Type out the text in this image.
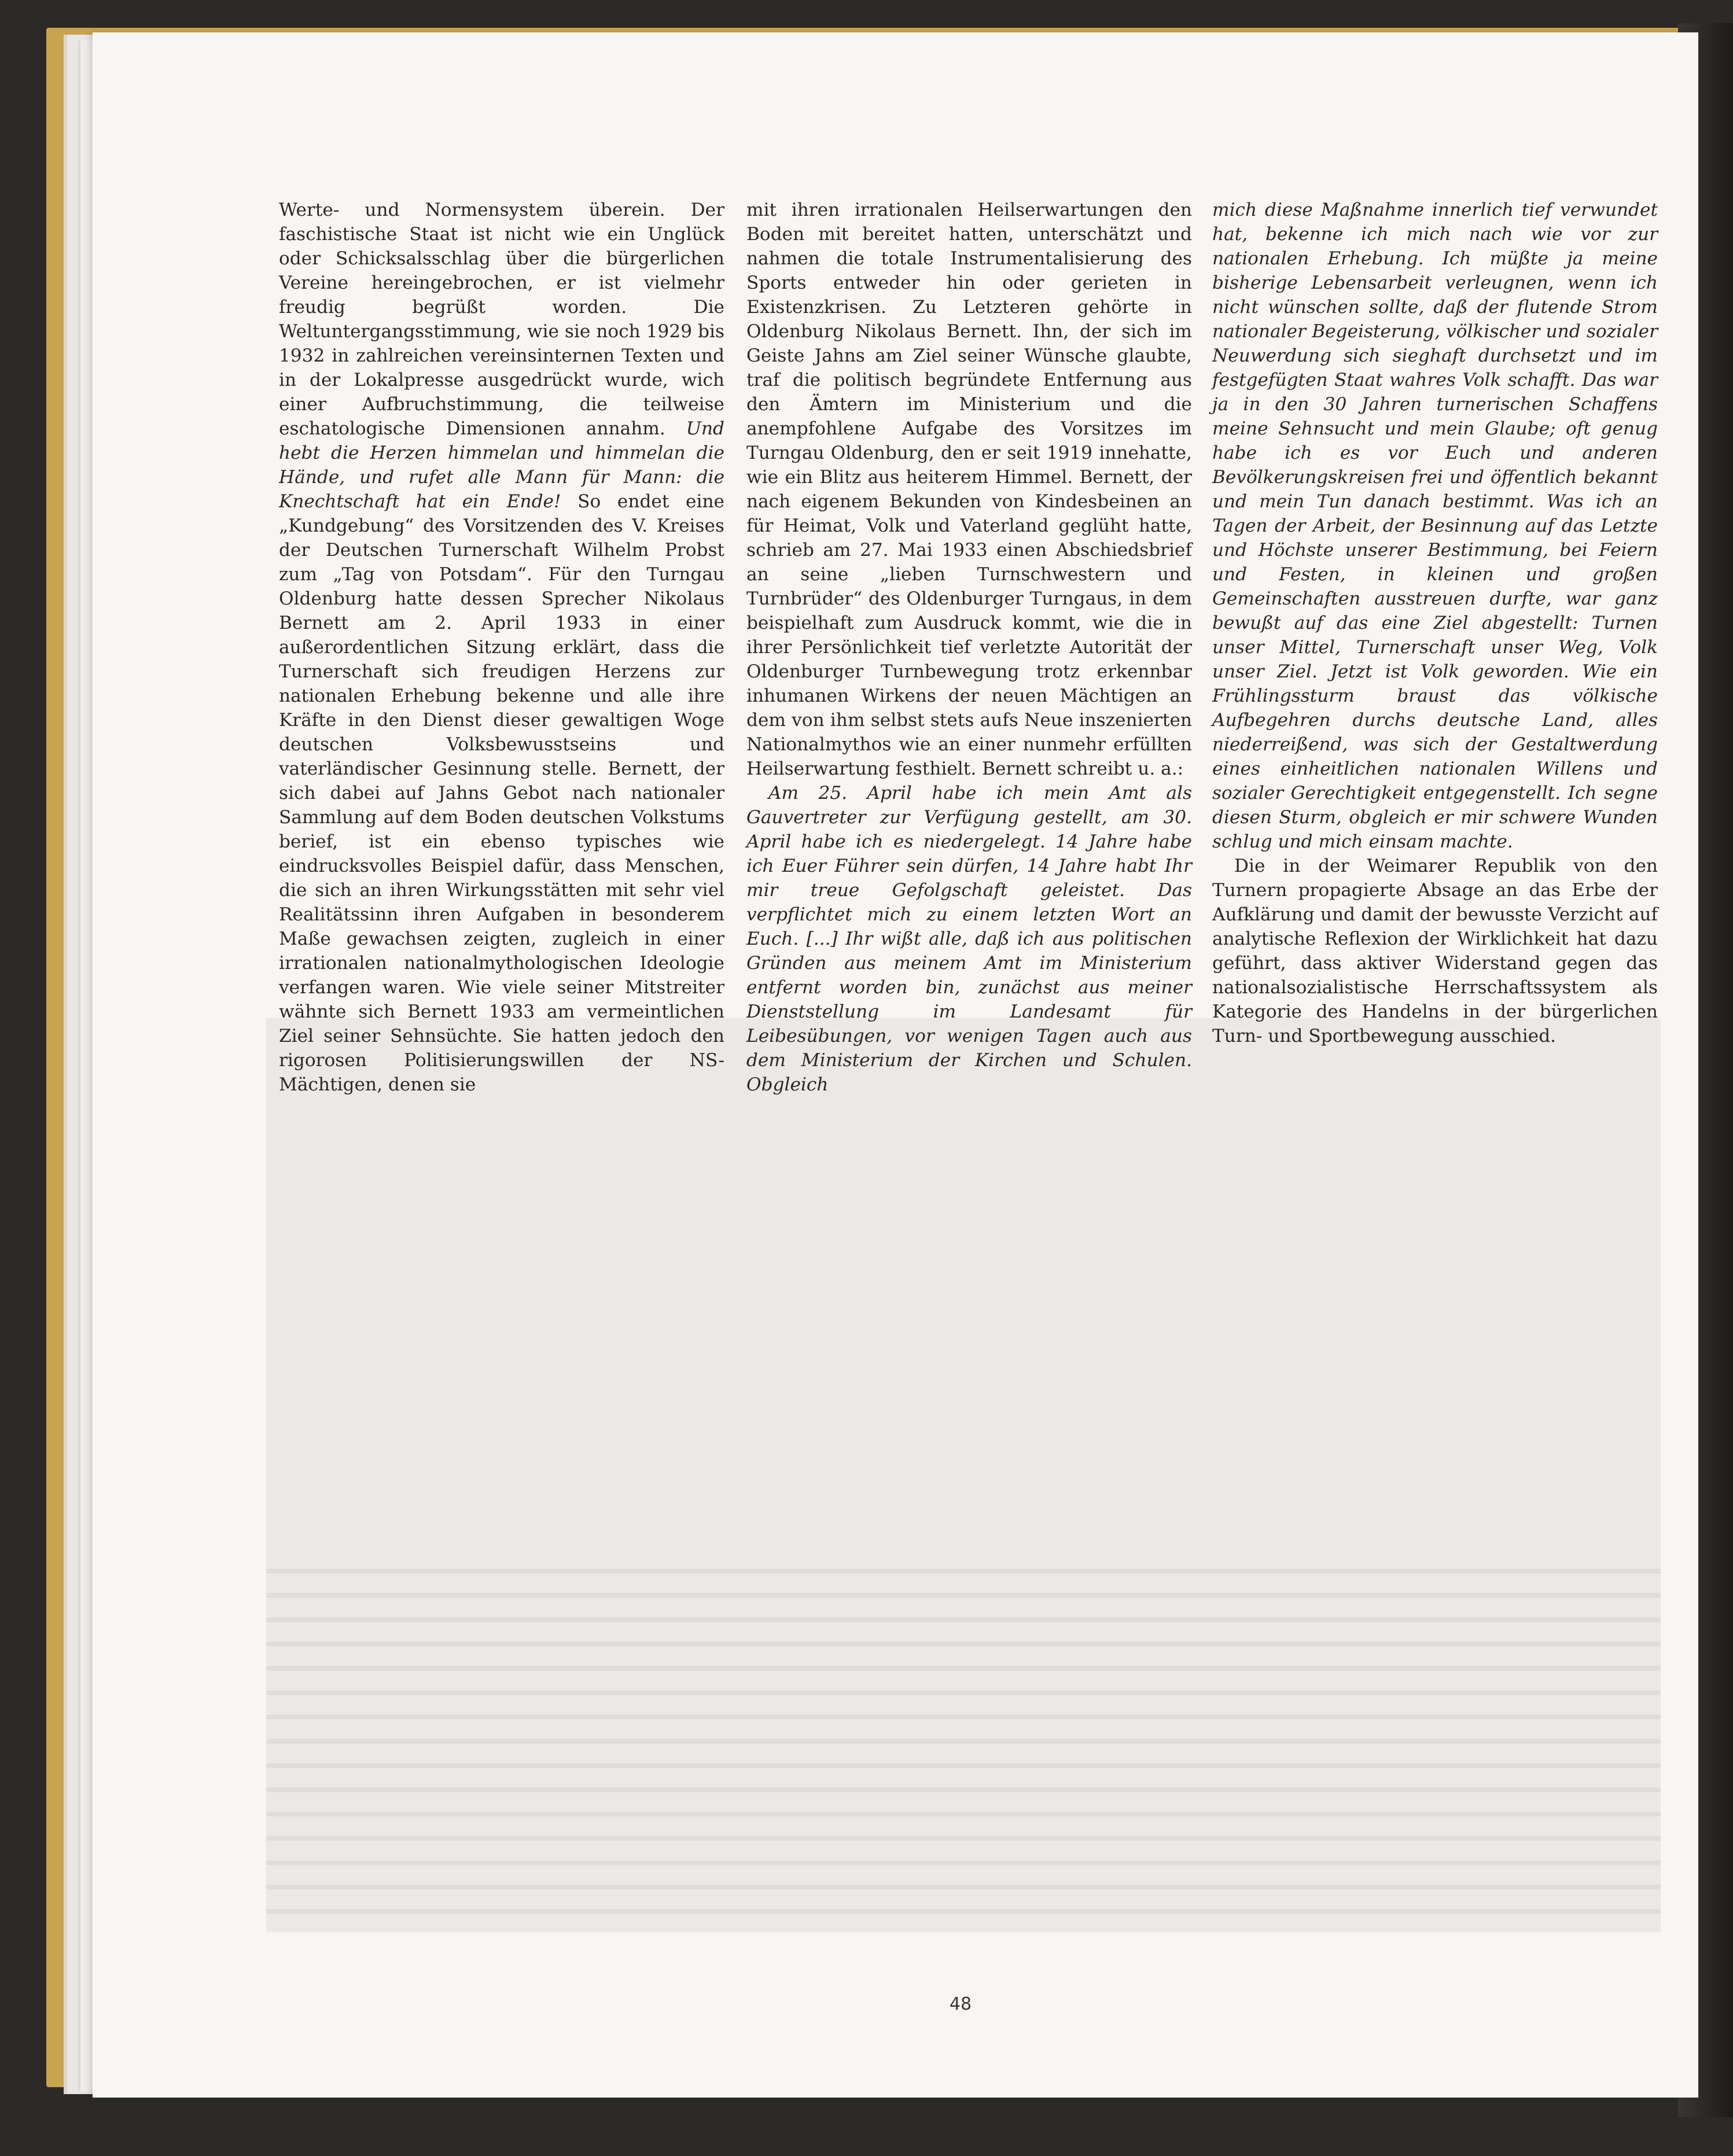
Werte- und Normensystem überein. Der faschistische Staat ist nicht wie ein Unglück oder Schicksalsschlag über die bürgerlichen Vereine hereingebrochen, er ist vielmehr freudig begrüßt worden. Die Weltuntergangsstimmung, wie sie noch 1929 bis 1932 in zahlreichen vereinsinternen Texten und in der Lokalpresse ausgedrückt wurde, wich einer Aufbruchstimmung, die teilweise eschatologische Dimensionen annahm. Und hebt die Herzen himmelan und himmelan die Hände, und rufet alle Mann für Mann: die Knechtschaft hat ein Ende! So endet eine „Kundgebung“ des Vorsitzenden des V. Kreises der Deutschen Turnerschaft Wilhelm Probst zum „Tag von Potsdam“. Für den Turngau Oldenburg hatte dessen Sprecher Nikolaus Bernett am 2. April 1933 in einer außerordentlichen Sitzung erklärt, dass die Turnerschaft sich freudigen Herzens zur nationalen Erhebung bekenne und alle ihre Kräfte in den Dienst dieser gewaltigen Woge deutschen Volksbewusstseins und vaterländischer Gesinnung stelle. Bernett, der sich dabei auf Jahns Gebot nach nationaler Sammlung auf dem Boden deutschen Volkstums berief, ist ein ebenso typisches wie eindrucksvolles Beispiel dafür, dass Menschen, die sich an ihren Wirkungsstätten mit sehr viel Realitätssinn ihren Aufgaben in besonderem Maße gewachsen zeigten, zugleich in einer irrationalen nationalmythologischen Ideologie verfangen waren. Wie viele seiner Mitstreiter wähnte sich Bernett 1933 am vermeintlichen Ziel seiner Sehnsüchte. Sie hatten jedoch den rigorosen Politisierungswillen der NS-Mächtigen, denen sie

mit ihren irrationalen Heilserwartungen den Boden mit bereitet hatten, unterschätzt und nahmen die totale Instrumentalisierung des Sports entweder hin oder gerieten in Existenzkrisen. Zu Letzteren gehörte in Oldenburg Nikolaus Bernett. Ihn, der sich im Geiste Jahns am Ziel seiner Wünsche glaubte, traf die politisch begründete Entfernung aus den Ämtern im Ministerium und die anempfohlene Aufgabe des Vorsitzes im Turngau Oldenburg, den er seit 1919 innehatte, wie ein Blitz aus heiterem Himmel. Bernett, der nach eigenem Bekunden von Kindesbeinen an für Heimat, Volk und Vaterland geglüht hatte, schrieb am 27. Mai 1933 einen Abschiedsbrief an seine „lieben Turnschwestern und Turnbrüder“ des Oldenburger Turngaus, in dem beispielhaft zum Ausdruck kommt, wie die in ihrer Persönlichkeit tief verletzte Autorität der Oldenburger Turnbewegung trotz erkennbar inhumanen Wirkens der neuen Mächtigen an dem von ihm selbst stets aufs Neue inszenierten Nationalmythos wie an einer nunmehr erfüllten Heilserwartung festhielt. Bernett schreibt u. a.:

Am 25. April habe ich mein Amt als Gauvertreter zur Verfügung gestellt, am 30. April habe ich es niedergelegt. 14 Jahre habe ich Euer Führer sein dürfen, 14 Jahre habt Ihr mir treue Gefolgschaft geleistet. Das verpflichtet mich zu einem letzten Wort an Euch. [...] Ihr wißt alle, daß ich aus politischen Gründen aus meinem Amt im Ministerium entfernt worden bin, zunächst aus meiner Dienststellung im Landesamt für Leibesübungen, vor wenigen Tagen auch aus dem Ministerium der Kirchen und Schulen. Obgleich

mich diese Maßnahme innerlich tief verwundet hat, bekenne ich mich nach wie vor zur nationalen Erhebung. Ich müßte ja meine bisherige Lebensarbeit verleugnen, wenn ich nicht wünschen sollte, daß der flutende Strom nationaler Begeisterung, völkischer und sozialer Neuwerdung sich sieghaft durchsetzt und im festgefügten Staat wahres Volk schafft. Das war ja in den 30 Jahren turnerischen Schaffens meine Sehnsucht und mein Glaube; oft genug habe ich es vor Euch und anderen Bevölkerungskreisen frei und öffentlich bekannt und mein Tun danach bestimmt. Was ich an Tagen der Arbeit, der Besinnung auf das Letzte und Höchste unserer Bestimmung, bei Feiern und Festen, in kleinen und großen Gemeinschaften ausstreuen durfte, war ganz bewußt auf das eine Ziel abgestellt: Turnen unser Mittel, Turnerschaft unser Weg, Volk unser Ziel. Jetzt ist Volk geworden. Wie ein Frühlingssturm braust das völkische Aufbegehren durchs deutsche Land, alles niederreißend, was sich der Gestaltwerdung eines einheitlichen nationalen Willens und sozialer Gerechtigkeit entgegenstellt. Ich segne diesen Sturm, obgleich er mir schwere Wunden schlug und mich einsam machte.

Die in der Weimarer Republik von den Turnern propagierte Absage an das Erbe der Aufklärung und damit der bewusste Verzicht auf analytische Reflexion der Wirklichkeit hat dazu geführt, dass aktiver Widerstand gegen das nationalsozialistische Herrschaftssystem als Kategorie des Handelns in der bürgerlichen Turn- und Sportbewegung ausschied.

48
